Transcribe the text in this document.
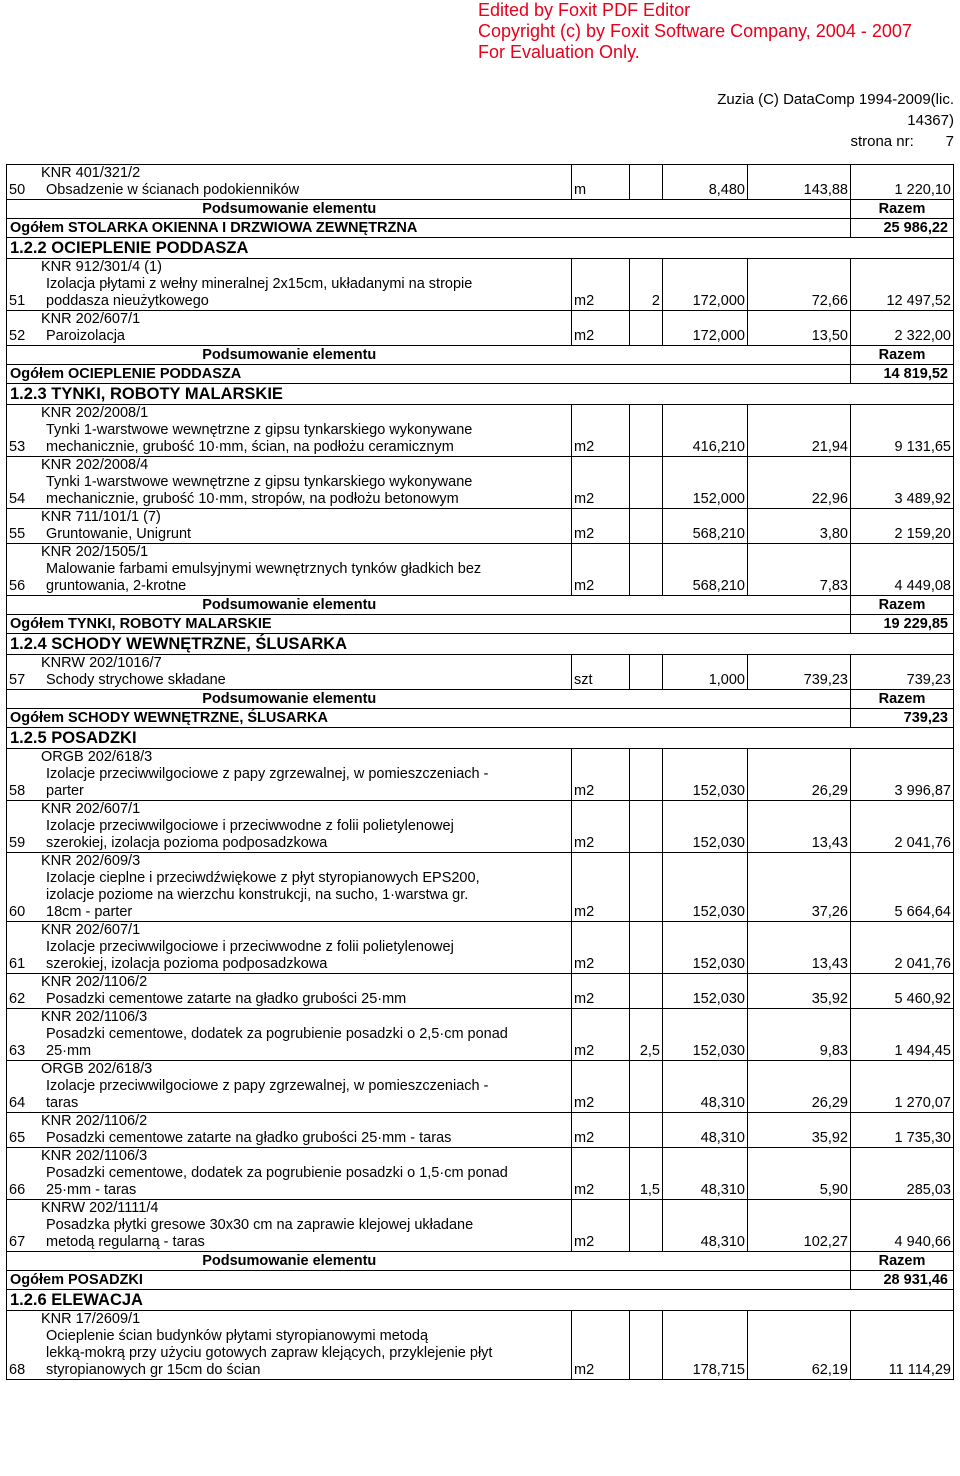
Edited by Foxit PDF Editor
Copyright (c) by Foxit Software Company, 2004 - 2007
For Evaluation Only.
Zuzia (C) DataComp 1994-2009(lic.
14367)
strona nr: 7
50	KNR 401/321/2
Obsadzenie w ścianach podokienników	m		8,480	143,88	1 220,10
Podsumowanie elementu						Razem
Ogółem STOLARKA OKIENNA I DRZWIOWA ZEWNĘTRZNA						25 986,22
1.2.2 OCIEPLENIE PODDASZA						
51	KNR 912/301/4 (1)
Izolacja płytami z wełny mineralnej 2x15cm, układanymi na stropie
poddasza nieużytkowego	m2	2	172,000	72,66	12 497,52
52	KNR 202/607/1
Paroizolacja	m2		172,000	13,50	2 322,00
Podsumowanie elementu						Razem
Ogółem OCIEPLENIE PODDASZA						14 819,52
1.2.3 TYNKI, ROBOTY MALARSKIE						
53	KNR 202/2008/1
Tynki 1-warstwowe wewnętrzne z gipsu tynkarskiego wykonywane
mechanicznie, grubość 10·mm, ścian, na podłożu ceramicznym	m2		416,210	21,94	9 131,65
54	KNR 202/2008/4
Tynki 1-warstwowe wewnętrzne z gipsu tynkarskiego wykonywane
mechanicznie, grubość 10·mm, stropów, na podłożu betonowym	m2		152,000	22,96	3 489,92
55	KNR 711/101/1 (7)
Gruntowanie, Unigrunt	m2		568,210	3,80	2 159,20
56	KNR 202/1505/1
Malowanie farbami emulsyjnymi wewnętrznych tynków gładkich bez
gruntowania, 2-krotne	m2		568,210	7,83	4 449,08
Podsumowanie elementu						Razem
Ogółem TYNKI, ROBOTY MALARSKIE						19 229,85
1.2.4 SCHODY WEWNĘTRZNE, ŚLUSARKA						
57	KNRW 202/1016/7
Schody strychowe składane	szt		1,000	739,23	739,23
Podsumowanie elementu						Razem
Ogółem SCHODY WEWNĘTRZNE, ŚLUSARKA						739,23
1.2.5 POSADZKI						
58	ORGB 202/618/3
Izolacje przeciwwilgociowe z papy zgrzewalnej, w pomieszczeniach -
parter	m2		152,030	26,29	3 996,87
59	KNR 202/607/1
Izolacje przeciwwilgociowe i przeciwwodne z folii polietylenowej
szerokiej, izolacja pozioma podposadzkowa	m2		152,030	13,43	2 041,76
60	KNR 202/609/3
Izolacje cieplne i przeciwdźwiękowe z płyt styropianowych EPS200,
izolacje poziome na wierzchu konstrukcji, na sucho, 1·warstwa gr.
18cm - parter	m2		152,030	37,26	5 664,64
61	KNR 202/607/1
Izolacje przeciwwilgociowe i przeciwwodne z folii polietylenowej
szerokiej, izolacja pozioma podposadzkowa	m2		152,030	13,43	2 041,76
62	KNR 202/1106/2
Posadzki cementowe zatarte na gładko grubości 25·mm	m2		152,030	35,92	5 460,92
63	KNR 202/1106/3
Posadzki cementowe, dodatek za pogrubienie posadzki o 2,5·cm ponad
25·mm	m2	2,5	152,030	9,83	1 494,45
64	ORGB 202/618/3
Izolacje przeciwwilgociowe z papy zgrzewalnej, w pomieszczeniach -
taras	m2		48,310	26,29	1 270,07
65	KNR 202/1106/2
Posadzki cementowe zatarte na gładko grubości 25·mm - taras	m2		48,310	35,92	1 735,30
66	KNR 202/1106/3
Posadzki cementowe, dodatek za pogrubienie posadzki o 1,5·cm ponad
25·mm - taras	m2	1,5	48,310	5,90	285,03
67	KNRW 202/1111/4
Posadzka płytki gresowe 30x30 cm na zaprawie klejowej układane
metodą regularną - taras	m2		48,310	102,27	4 940,66
Podsumowanie elementu						Razem
Ogółem POSADZKI						28 931,46
1.2.6 ELEWACJA						
68	KNR 17/2609/1
Ocieplenie ścian budynków płytami styropianowymi metodą
lekką-mokrą przy użyciu gotowych zapraw klejących, przyklejenie płyt
styropianowych gr 15cm do ścian	m2		178,715	62,19	11 114,29
